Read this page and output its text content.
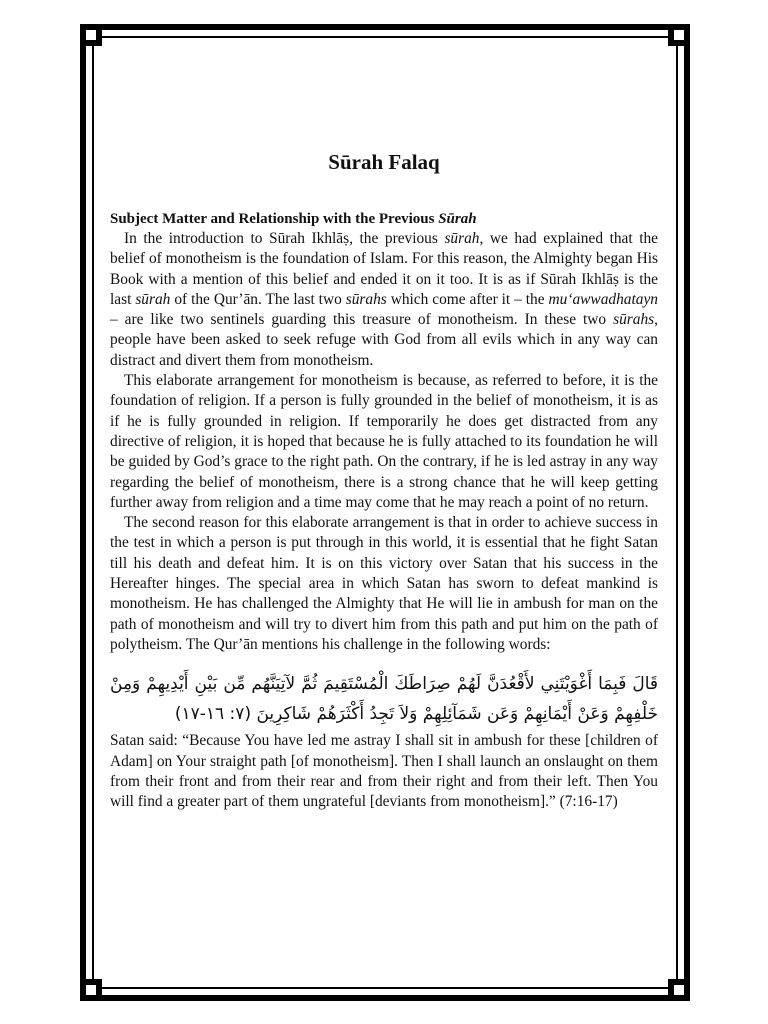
Sūrah Falaq

Subject Matter and Relationship with the Previous Sūrah

In the introduction to Sūrah Ikhlāṣ, the previous sūrah, we had explained that the belief of monotheism is the foundation of Islam. For this reason, the Almighty began His Book with a mention of this belief and ended it on it too. It is as if Sūrah Ikhlāṣ is the last sūrah of the Qur’ān. The last two sūrahs which come after it – the mu‘awwadhatayn – are like two sentinels guarding this treasure of monotheism. In these two sūrahs, people have been asked to seek refuge with God from all evils which in any way can distract and divert them from monotheism.

This elaborate arrangement for monotheism is because, as referred to before, it is the foundation of religion. If a person is fully grounded in the belief of monotheism, it is as if he is fully grounded in religion. If temporarily he does get distracted from any directive of religion, it is hoped that because he is fully attached to its foundation he will be guided by God’s grace to the right path. On the contrary, if he is led astray in any way regarding the belief of monotheism, there is a strong chance that he will keep getting further away from religion and a time may come that he may reach a point of no return.

The second reason for this elaborate arrangement is that in order to achieve success in the test in which a person is put through in this world, it is essential that he fight Satan till his death and defeat him. It is on this victory over Satan that his success in the Hereafter hinges. The special area in which Satan has sworn to defeat mankind is monotheism. He has challenged the Almighty that He will lie in ambush for man on the path of monotheism and will try to divert him from this path and put him on the path of polytheism. The Qur’ān mentions his challenge in the following words:

قَالَ فَبِمَا أَغْوَيْتَنِي لأَقْعُدَنَّ لَهُمْ صِرَاطَكَ الْمُسْتَقِيمَ ثُمَّ لآتِيَنَّهُم مِّن بَيْنِ أَيْدِيهِمْ وَمِنْ خَلْفِهِمْ وَعَنْ أَيْمَانِهِمْ وَعَن شَمَآئِلِهِمْ وَلاَ تَجِدُ أَكْثَرَهُمْ شَاكِرِينَ (٧: ١٦-١٧)

Satan said: “Because You have led me astray I shall sit in ambush for these [children of Adam] on Your straight path [of monotheism]. Then I shall launch an onslaught on them from their front and from their rear and from their right and from their left. Then You will find a greater part of them ungrateful [deviants from monotheism].” (7:16-17)
